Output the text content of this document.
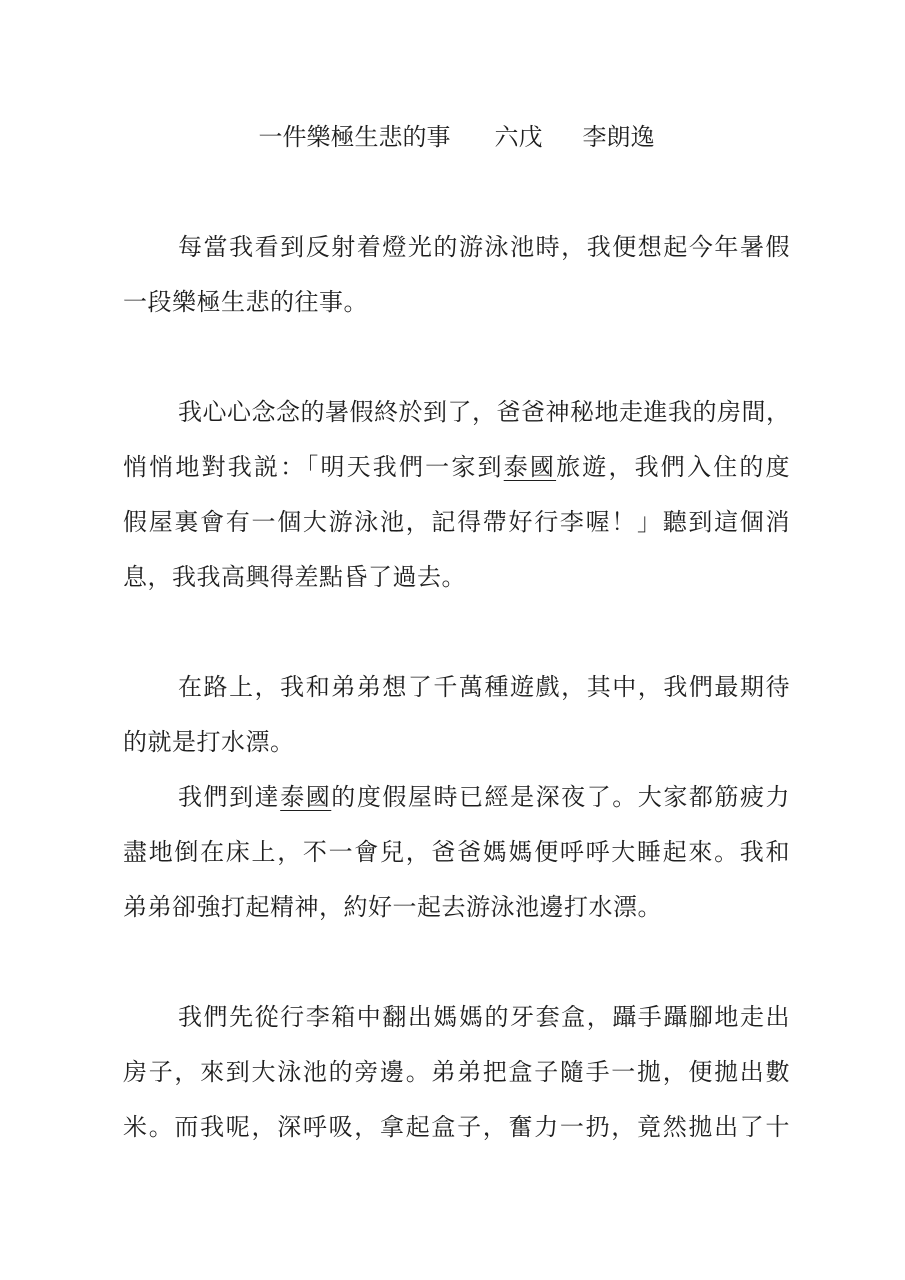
一件樂極生悲的事 六戊 李朗逸
每當我看到反射着燈光的游泳池時，我便想起今年暑假
一段樂極生悲的往事。
我心心念念的暑假終於到了，爸爸神秘地走進我的房間，
悄悄地對我説：「明天我們一家到泰國旅遊，我們入住的度
假屋裏會有一個大游泳池，記得帶好行李喔！」聽到這個消
息，我我高興得差點昏了過去。
在路上，我和弟弟想了千萬種遊戲，其中，我們最期待
的就是打水漂。
我們到達泰國的度假屋時已經是深夜了。大家都筋疲力
盡地倒在床上，不一會兒，爸爸媽媽便呼呼大睡起來。我和
弟弟卻強打起精神，約好一起去游泳池邊打水漂。
我們先從行李箱中翻出媽媽的牙套盒，躡手躡腳地走出
房子，來到大泳池的旁邊。弟弟把盒子隨手一拋，便拋出數
米。而我呢，深呼吸，拿起盒子，奮力一扔，竟然拋出了十
